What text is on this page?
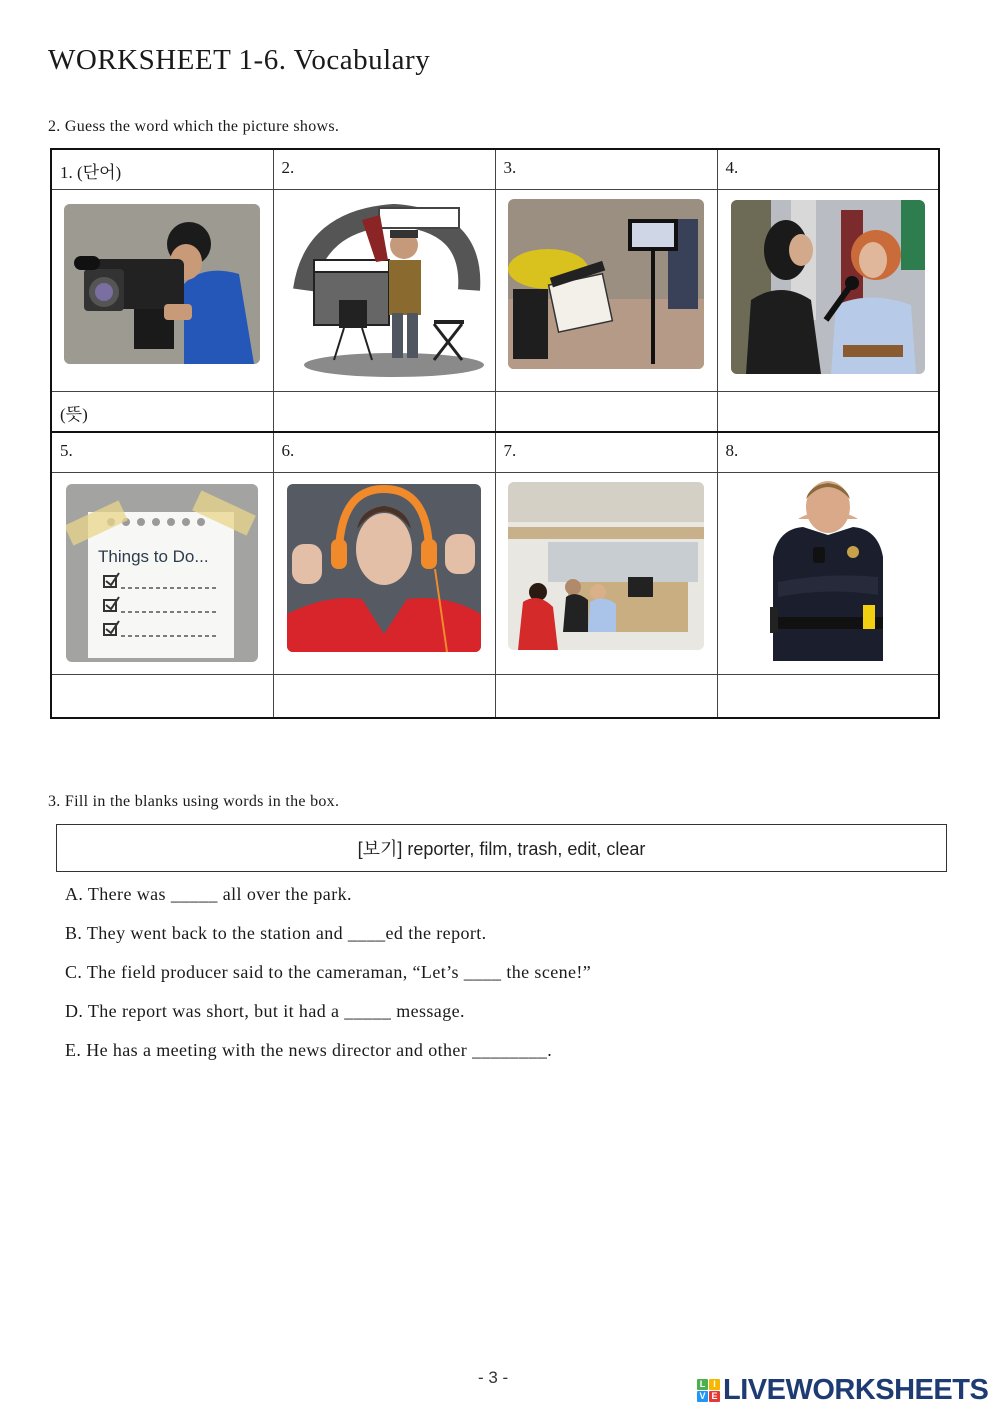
WORKSHEET 1-6. Vocabulary
2. Guess the word which the picture shows.
1. (단어)	2.	3.	4.

(뜻)			

5.	6.	7.	8.

Things to Do...

3. Fill in the blanks using words in the box.
[보기] reporter, film, trash, edit, clear
A. There was _____ all over the park.
B. They went back to the station and ____ed the report.
C. The field producer said to the cameraman, “Let’s ____ the scene!”
D. The report was short, but it had a _____ message.
E. He has a meeting with the news director and other ________.
- 3 -	L I
V E LIVEWORKSHEETS
